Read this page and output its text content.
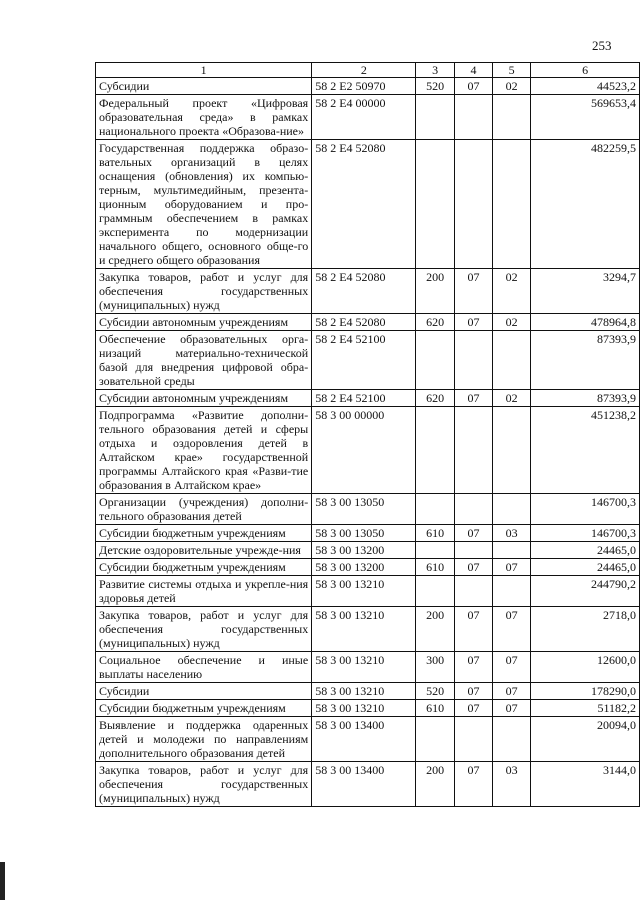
253
1	2	3	4	5	6
Субсидии	58 2 E2 50970	520	07	02	44523,2
Федеральный проект «Цифровая образовательная среда» в рамках национального проекта «Образова-ние»	58 2 E4 00000				569653,4
Государственная поддержка образо-вательных организаций в целях оснащения (обновления) их компью-терным, мультимедийным, презента-ционным оборудованием и про-граммным обеспечением в рамках эксперимента по модернизации начального общего, основного обще-го и среднего общего образования	58 2 E4 52080				482259,5
Закупка товаров, работ и услуг для обеспечения государственных (муниципальных) нужд	58 2 E4 52080	200	07	02	3294,7
Субсидии автономным учреждениям	58 2 E4 52080	620	07	02	478964,8
Обеспечение образовательных орга-низаций материально-технической базой для внедрения цифровой обра-зовательной среды	58 2 E4 52100				87393,9
Субсидии автономным учреждениям	58 2 E4 52100	620	07	02	87393,9
Подпрограмма «Развитие дополни-тельного образования детей и сферы отдыха и оздоровления детей в Алтайском крае» государственной программы Алтайского края «Разви-тие образования в Алтайском крае»	58 3 00 00000				451238,2
Организации (учреждения) дополни-тельного образования детей	58 3 00 13050				146700,3
Субсидии бюджетным учреждениям	58 3 00 13050	610	07	03	146700,3
Детские оздоровительные учрежде-ния	58 3 00 13200				24465,0
Субсидии бюджетным учреждениям	58 3 00 13200	610	07	07	24465,0
Развитие системы отдыха и укрепле-ния здоровья детей	58 3 00 13210				244790,2
Закупка товаров, работ и услуг для обеспечения государственных (муниципальных) нужд	58 3 00 13210	200	07	07	2718,0
Социальное обеспечение и иные выплаты населению	58 3 00 13210	300	07	07	12600,0
Субсидии	58 3 00 13210	520	07	07	178290,0
Субсидии бюджетным учреждениям	58 3 00 13210	610	07	07	51182,2
Выявление и поддержка одаренных детей и молодежи по направлениям дополнительного образования детей	58 3 00 13400				20094,0
Закупка товаров, работ и услуг для обеспечения государственных (муниципальных) нужд	58 3 00 13400	200	07	03	3144,0
